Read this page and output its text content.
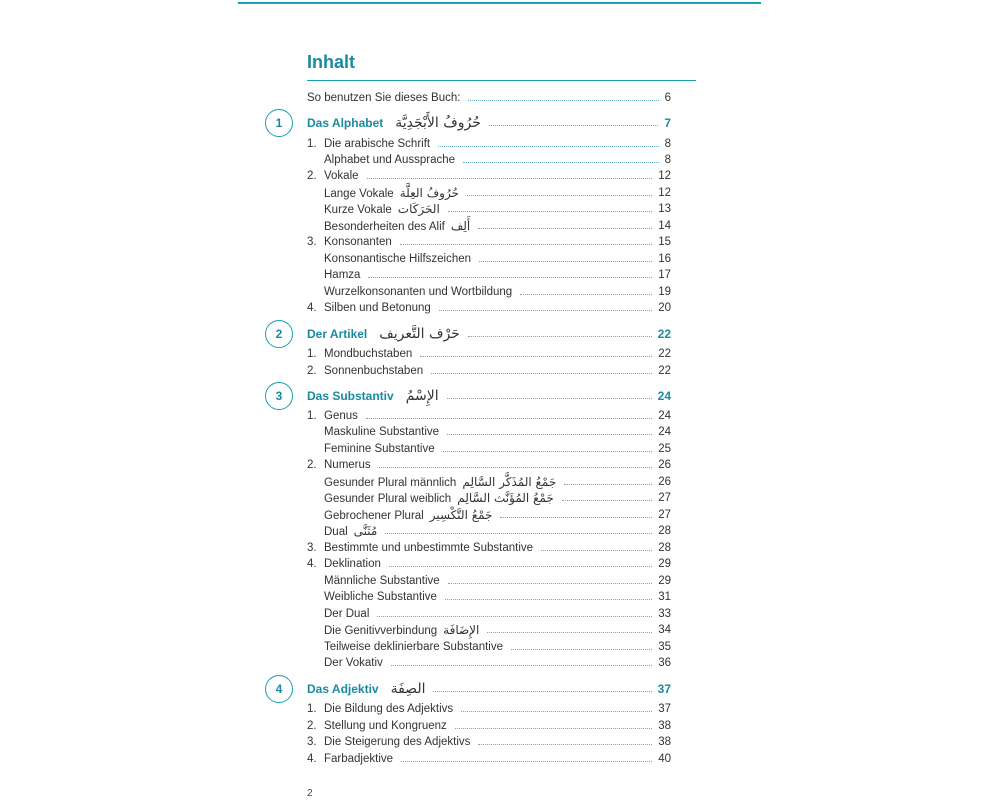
Inhalt
So benutzen Sie dieses Buch:	6
1	Das Alphabet حُرُوفُ الأَبْجَدِيَّة	7
1. Die arabische Schrift	8
Alphabet und Aussprache	8
2. Vokale	12
Lange Vokale حُرُوفُ العِلَّة	12
Kurze Vokale الحَرَكَات	13
Besonderheiten des Alif أَلِف	14
3. Konsonanten	15
Konsonantische Hilfszeichen	16
Hamza	17
Wurzelkonsonanten und Wortbildung	19
4. Silben und Betonung	20
2	Der Artikel حَرْف التَّعريف	22
1. Mondbuchstaben	22
2. Sonnenbuchstaben	22
3	Das Substantiv الإِسْمُ	24
1. Genus	24
Maskuline Substantive	24
Feminine Substantive	25
2. Numerus	26
Gesunder Plural männlich جَمْعُ المُذَكَّر السَّالِم	26
Gesunder Plural weiblich جَمْعُ المُؤَنَّث السَّالِم	27
Gebrochener Plural جَمْعُ التَّكْسِير	27
Dual مُثَنَّى	28
3. Bestimmte und unbestimmte Substantive	28
4. Deklination	29
Männliche Substantive	29
Weibliche Substantive	31
Der Dual	33
Die Genitivverbindung الإِضَافَة	34
Teilweise deklinierbare Substantive	35
Der Vokativ	36
4	Das Adjektiv الصِفَة	37
1. Die Bildung des Adjektivs	37
2. Stellung und Kongruenz	38
3. Die Steigerung des Adjektivs	38
4. Farbadjektive	40
2
